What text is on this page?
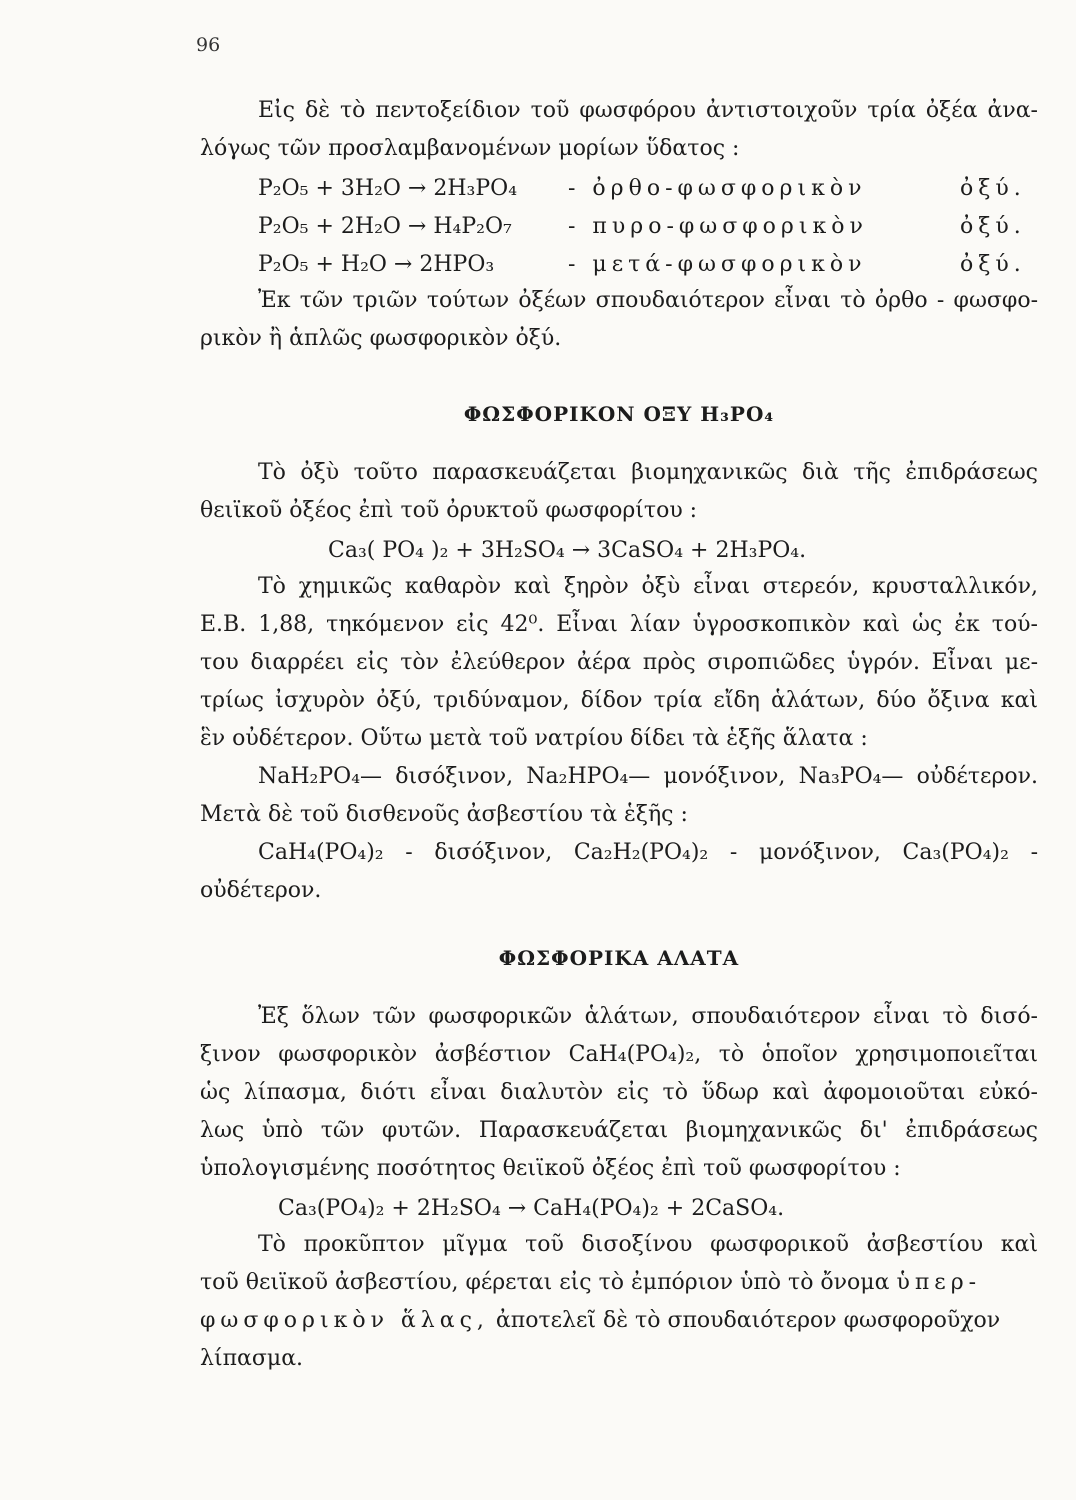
96
Εἰς δὲ τὸ πεντοξείδιον τοῦ φωσφόρου ἀντιστοιχοῦν τρία ὀξέα ἀνα-
λόγως τῶν προσλαμβανομένων μορίων ὕδατος :
P₂O₅ + 3H₂O → 2H₃PO₄ - ὀρθο-φωσφορικὸν	ὀξύ.
P₂O₅ + 2H₂O → H₄P₂O₇	- πυρο-φωσφορικὸν	ὀξύ.
P₂O₅ + H₂O → 2HPO₃	- μετά-φωσφορικὸν	ὀξύ.
Ἐκ τῶν τριῶν τούτων ὀξέων σπουδαιότερον εἶναι τὸ ὀρθο - φωσφο-
ρικὸν ἢ ἁπλῶς φωσφορικὸν ὀξύ.
ΦΩΣΦΟΡΙΚΟΝ ΟΞΥ H₃PO₄
Τὸ ὀξὺ τοῦτο παρασκευάζεται βιομηχανικῶς διὰ τῆς ἐπιδράσεως
θειϊκοῦ ὀξέος ἐπὶ τοῦ ὀρυκτοῦ φωσφορίτου :
Ca₃( PO₄ )₂ + 3H₂SO₄ → 3CaSO₄ + 2H₃PO₄.
Τὸ χημικῶς καθαρὸν καὶ ξηρὸν ὀξὺ εἶναι στερεόν, κρυσταλλικόν,
Ε.Β. 1,88, τηκόμενον εἰς 42⁰. Εἶναι λίαν ὑγροσκοπικὸν καὶ ὡς ἐκ τού-
του διαρρέει εἰς τὸν ἐλεύθερον ἀέρα πρὸς σιροπιῶδες ὑγρόν. Εἶναι με-
τρίως ἰσχυρὸν ὀξύ, τριδύναμον, δίδον τρία εἴδη ἁλάτων, δύο ὄξινα καὶ
ἓν οὐδέτερον. Οὕτω μετὰ τοῦ νατρίου δίδει τὰ ἑξῆς ἅλατα :
NaH₂PO₄— δισόξινον, Na₂HPO₄— μονόξινον, Na₃PO₄— οὐδέτερον.
Μετὰ δὲ τοῦ δισθενοῦς ἀσβεστίου τὰ ἑξῆς :
CaH₄(PO₄)₂ - δισόξινον, Ca₂H₂(PO₄)₂ - μονόξινον, Ca₃(PO₄)₂ -
οὐδέτερον.
ΦΩΣΦΟΡΙΚΑ ΑΛΑΤΑ
Ἐξ ὅλων τῶν φωσφορικῶν ἁλάτων, σπουδαιότερον εἶναι τὸ δισό-
ξινον φωσφορικὸν ἀσβέστιον CaH₄(PO₄)₂, τὸ ὁποῖον χρησιμοποιεῖται
ὡς λίπασμα, διότι εἶναι διαλυτὸν εἰς τὸ ὕδωρ καὶ ἀφομοιοῦται εὐκό-
λως ὑπὸ τῶν φυτῶν. Παρασκευάζεται βιομηχανικῶς δι' ἐπιδράσεως
ὑπολογισμένης ποσότητος θειϊκοῦ ὀξέος ἐπὶ τοῦ φωσφορίτου :
Ca₃(PO₄)₂ + 2H₂SO₄ → CaH₄(PO₄)₂ + 2CaSO₄.
Τὸ προκῦπτον μῖγμα τοῦ δισοξίνου φωσφορικοῦ ἀσβεστίου καὶ
τοῦ θειϊκοῦ ἀσβεστίου, φέρεται εἰς τὸ ἐμπόριον ὑπὸ τὸ ὄνομα ὑπερ-
φωσφορικὸν ἅλας, ἀποτελεῖ δὲ τὸ σπουδαιότερον φωσφοροῦχον
λίπασμα.
